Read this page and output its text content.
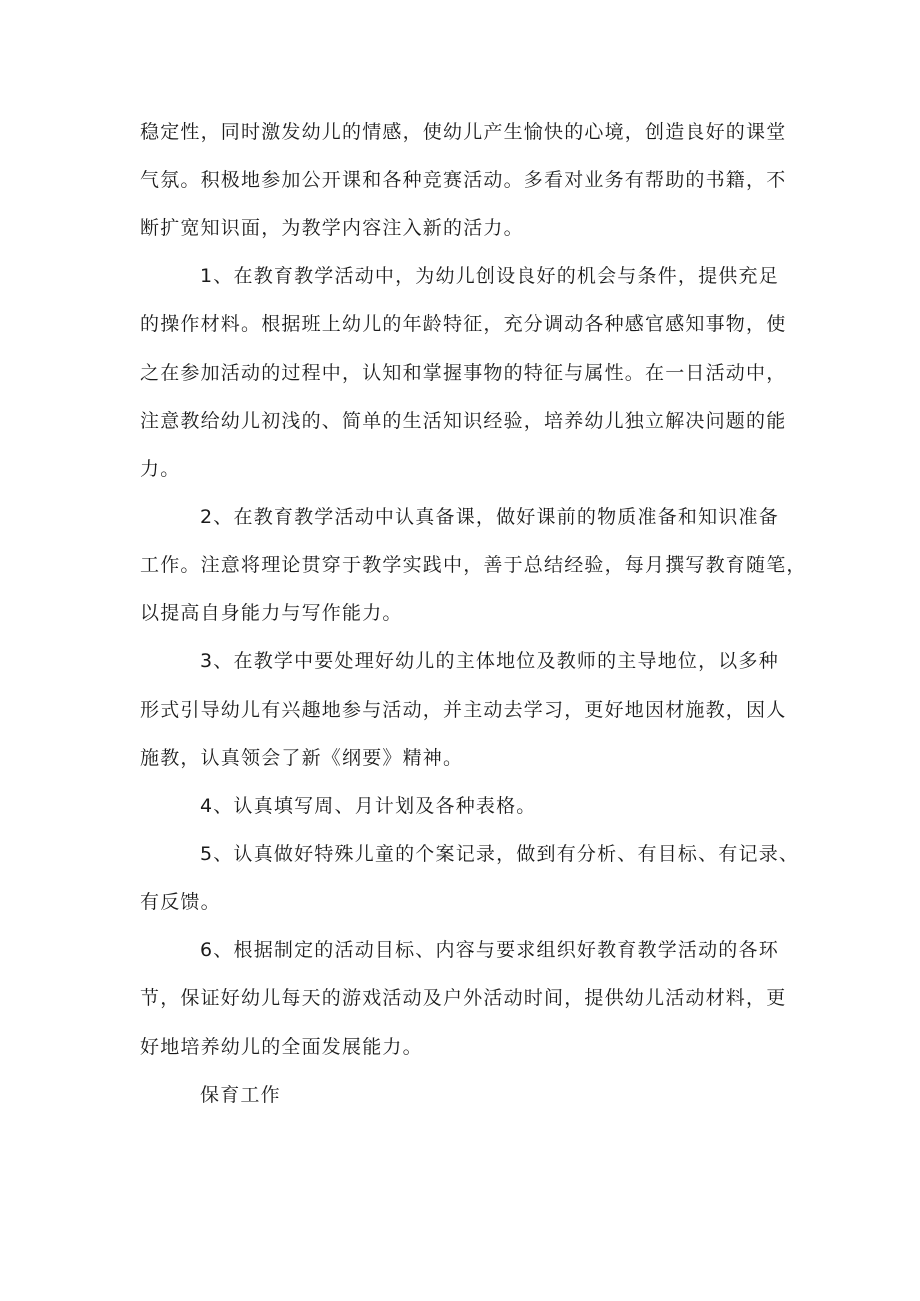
稳定性，同时激发幼儿的情感，使幼儿产生愉快的心境，创造良好的课堂

气氛。积极地参加公开课和各种竞赛活动。多看对业务有帮助的书籍，不

断扩宽知识面，为教学内容注入新的活力。

1、在教育教学活动中，为幼儿创设良好的机会与条件，提供充足

的操作材料。根据班上幼儿的年龄特征，充分调动各种感官感知事物，使

之在参加活动的过程中，认知和掌握事物的特征与属性。在一日活动中，

注意教给幼儿初浅的、简单的生活知识经验，培养幼儿独立解决问题的能

力。

2、在教育教学活动中认真备课，做好课前的物质准备和知识准备

工作。注意将理论贯穿于教学实践中，善于总结经验，每月撰写教育随笔，

以提高自身能力与写作能力。

3、在教学中要处理好幼儿的主体地位及教师的主导地位，以多种

形式引导幼儿有兴趣地参与活动，并主动去学习，更好地因材施教，因人

施教，认真领会了新《纲要》精神。

4、认真填写周、月计划及各种表格。

5、认真做好特殊儿童的个案记录，做到有分析、有目标、有记录、

有反馈。

6、根据制定的活动目标、内容与要求组织好教育教学活动的各环

节，保证好幼儿每天的游戏活动及户外活动时间，提供幼儿活动材料，更

好地培养幼儿的全面发展能力。

保育工作
